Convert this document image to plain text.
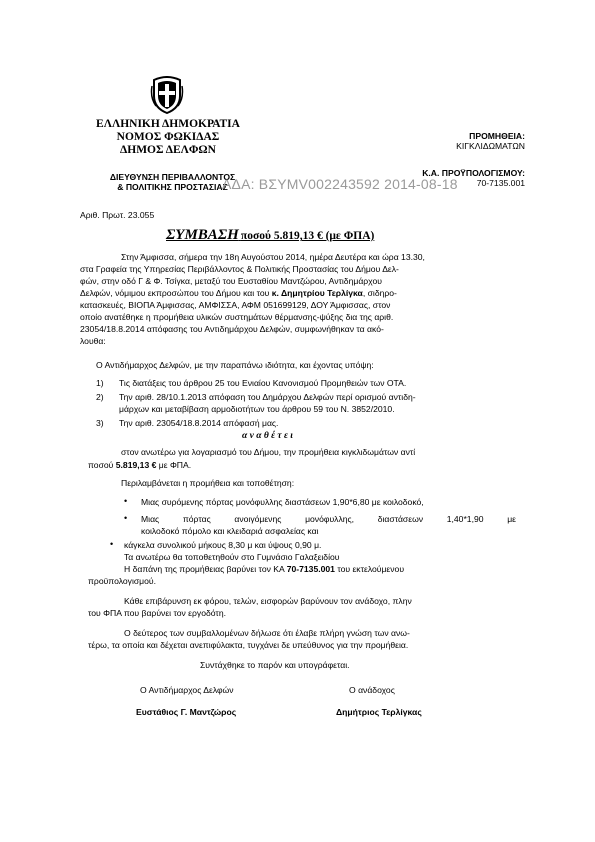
ΕΛΛΗΝΙΚΗ ΔΗΜΟΚΡΑΤΙΑ
ΝΟΜΟΣ ΦΩΚΙΔΑΣ
ΔΗΜΟΣ ΔΕΛΦΩΝ
ΔΙΕΥΘΥΝΣΗ ΠΕΡΙΒΑΛΛΟΝΤΟΣ
& ΠΟΛΙΤΙΚΗΣ ΠΡΟΣΤΑΣΙΑΣ
ΠΡΟΜΗΘΕΙΑ:
ΚΙΓΚΛΙΔΩΜΑΤΩΝ
Κ.Α. ΠΡΟΫΠΟΛΟΓΙΣΜΟΥ:
70-7135.001
ΑΔΑ: ΒΣΥΜV002243592 2014-08-18
Αριθ. Πρωτ. 23.055
ΣΥΜΒΑΣΗ ποσού 5.819,13 € (με ΦΠΑ)
Στην Άμφισσα, σήμερα την 18η Αυγούστου 2014, ημέρα Δευτέρα και ώρα 13.30,
στα Γραφεία της Υπηρεσίας Περιβάλλοντος & Πολιτικής Προστασίας του Δήμου Δελ-
φών, στην οδό Γ & Φ. Τσίγκα, μεταξύ του Ευσταθίου Μαντζώρου, Αντιδημάρχου
Δελφών, νόμιμου εκπροσώπου του Δήμου και του κ. Δημητρίου Τερλίγκα, σιδηρο-
κατασκευές, ΒΙΟΠΑ Άμφισσας, ΑΜΦΙΣΣΑ, ΑΦΜ 051699129, ΔΟΥ Άμφισσας, στον
οποίο ανατέθηκε η προμήθεια υλικών συστημάτων θέρμανσης-ψύξης δια της αριθ.
23054/18.8.2014 απόφασης του Αντιδημάρχου Δελφών, συμφωνήθηκαν τα ακό-
λουθα:
Ο Αντιδήμαρχος Δελφών, με την παραπάνω ιδιότητα, και έχοντας υπόψη:
1) Τις διατάξεις του άρθρου 25 του Ενιαίου Κανονισμού Προμηθειών των ΟΤΑ.
2) Την αριθ. 28/10.1.2013 απόφαση του Δημάρχου Δελφών περί ορισμού αντιδη-
μάρχων και μεταβίβαση αρμοδιοτήτων του άρθρου 59 του Ν. 3852/2010.
3) Την αριθ. 23054/18.8.2014 απόφασή μας.
α ν α θ έ τ ε ι
στον ανωτέρω για λογαριασμό του Δήμου, την προμήθεια κιγκλιδωμάτων αντί
ποσού 5.819,13 € με ΦΠΑ.
Περιλαμβάνεται η προμήθεια και τοποθέτηση:
• Μιας συρόμενης πόρτας μονόφυλλης διαστάσεων 1,90*6,80 με κοιλοδοκό,
• Μιας πόρτας ανοιγόμενης μονόφυλλης, διαστάσεων 1,40*1,90 με
κοιλοδοκό πόμολο και κλειδαριά ασφαλείας και
• κάγκελα συνολικού μήκους 8,30 μ και ύψους 0,90 μ.
Τα ανωτέρω θα τοποθετηθούν στο Γυμνάσιο Γαλαξειδίου
Η δαπάνη της προμήθειας βαρύνει τον ΚΑ 70-7135.001 του εκτελούμενου
προϋπολογισμού.
Κάθε επιβάρυνση εκ φόρου, τελών, εισφορών βαρύνουν τον ανάδοχο, πλην
του ΦΠΑ που βαρύνει τον εργοδότη.
Ο δεύτερος των συμβαλλομένων δήλωσε ότι έλαβε πλήρη γνώση των ανω-
τέρω, τα οποία και δέχεται ανεπιφύλακτα, τυγχάνει δε υπεύθυνος για την προμήθεια.
Συντάχθηκε το παρόν και υπογράφεται.
Ο Αντιδήμαρχος Δελφών
Ευστάθιος Γ. Μαντζώρος
Ο ανάδοχος
Δημήτριος Τερλίγκας
